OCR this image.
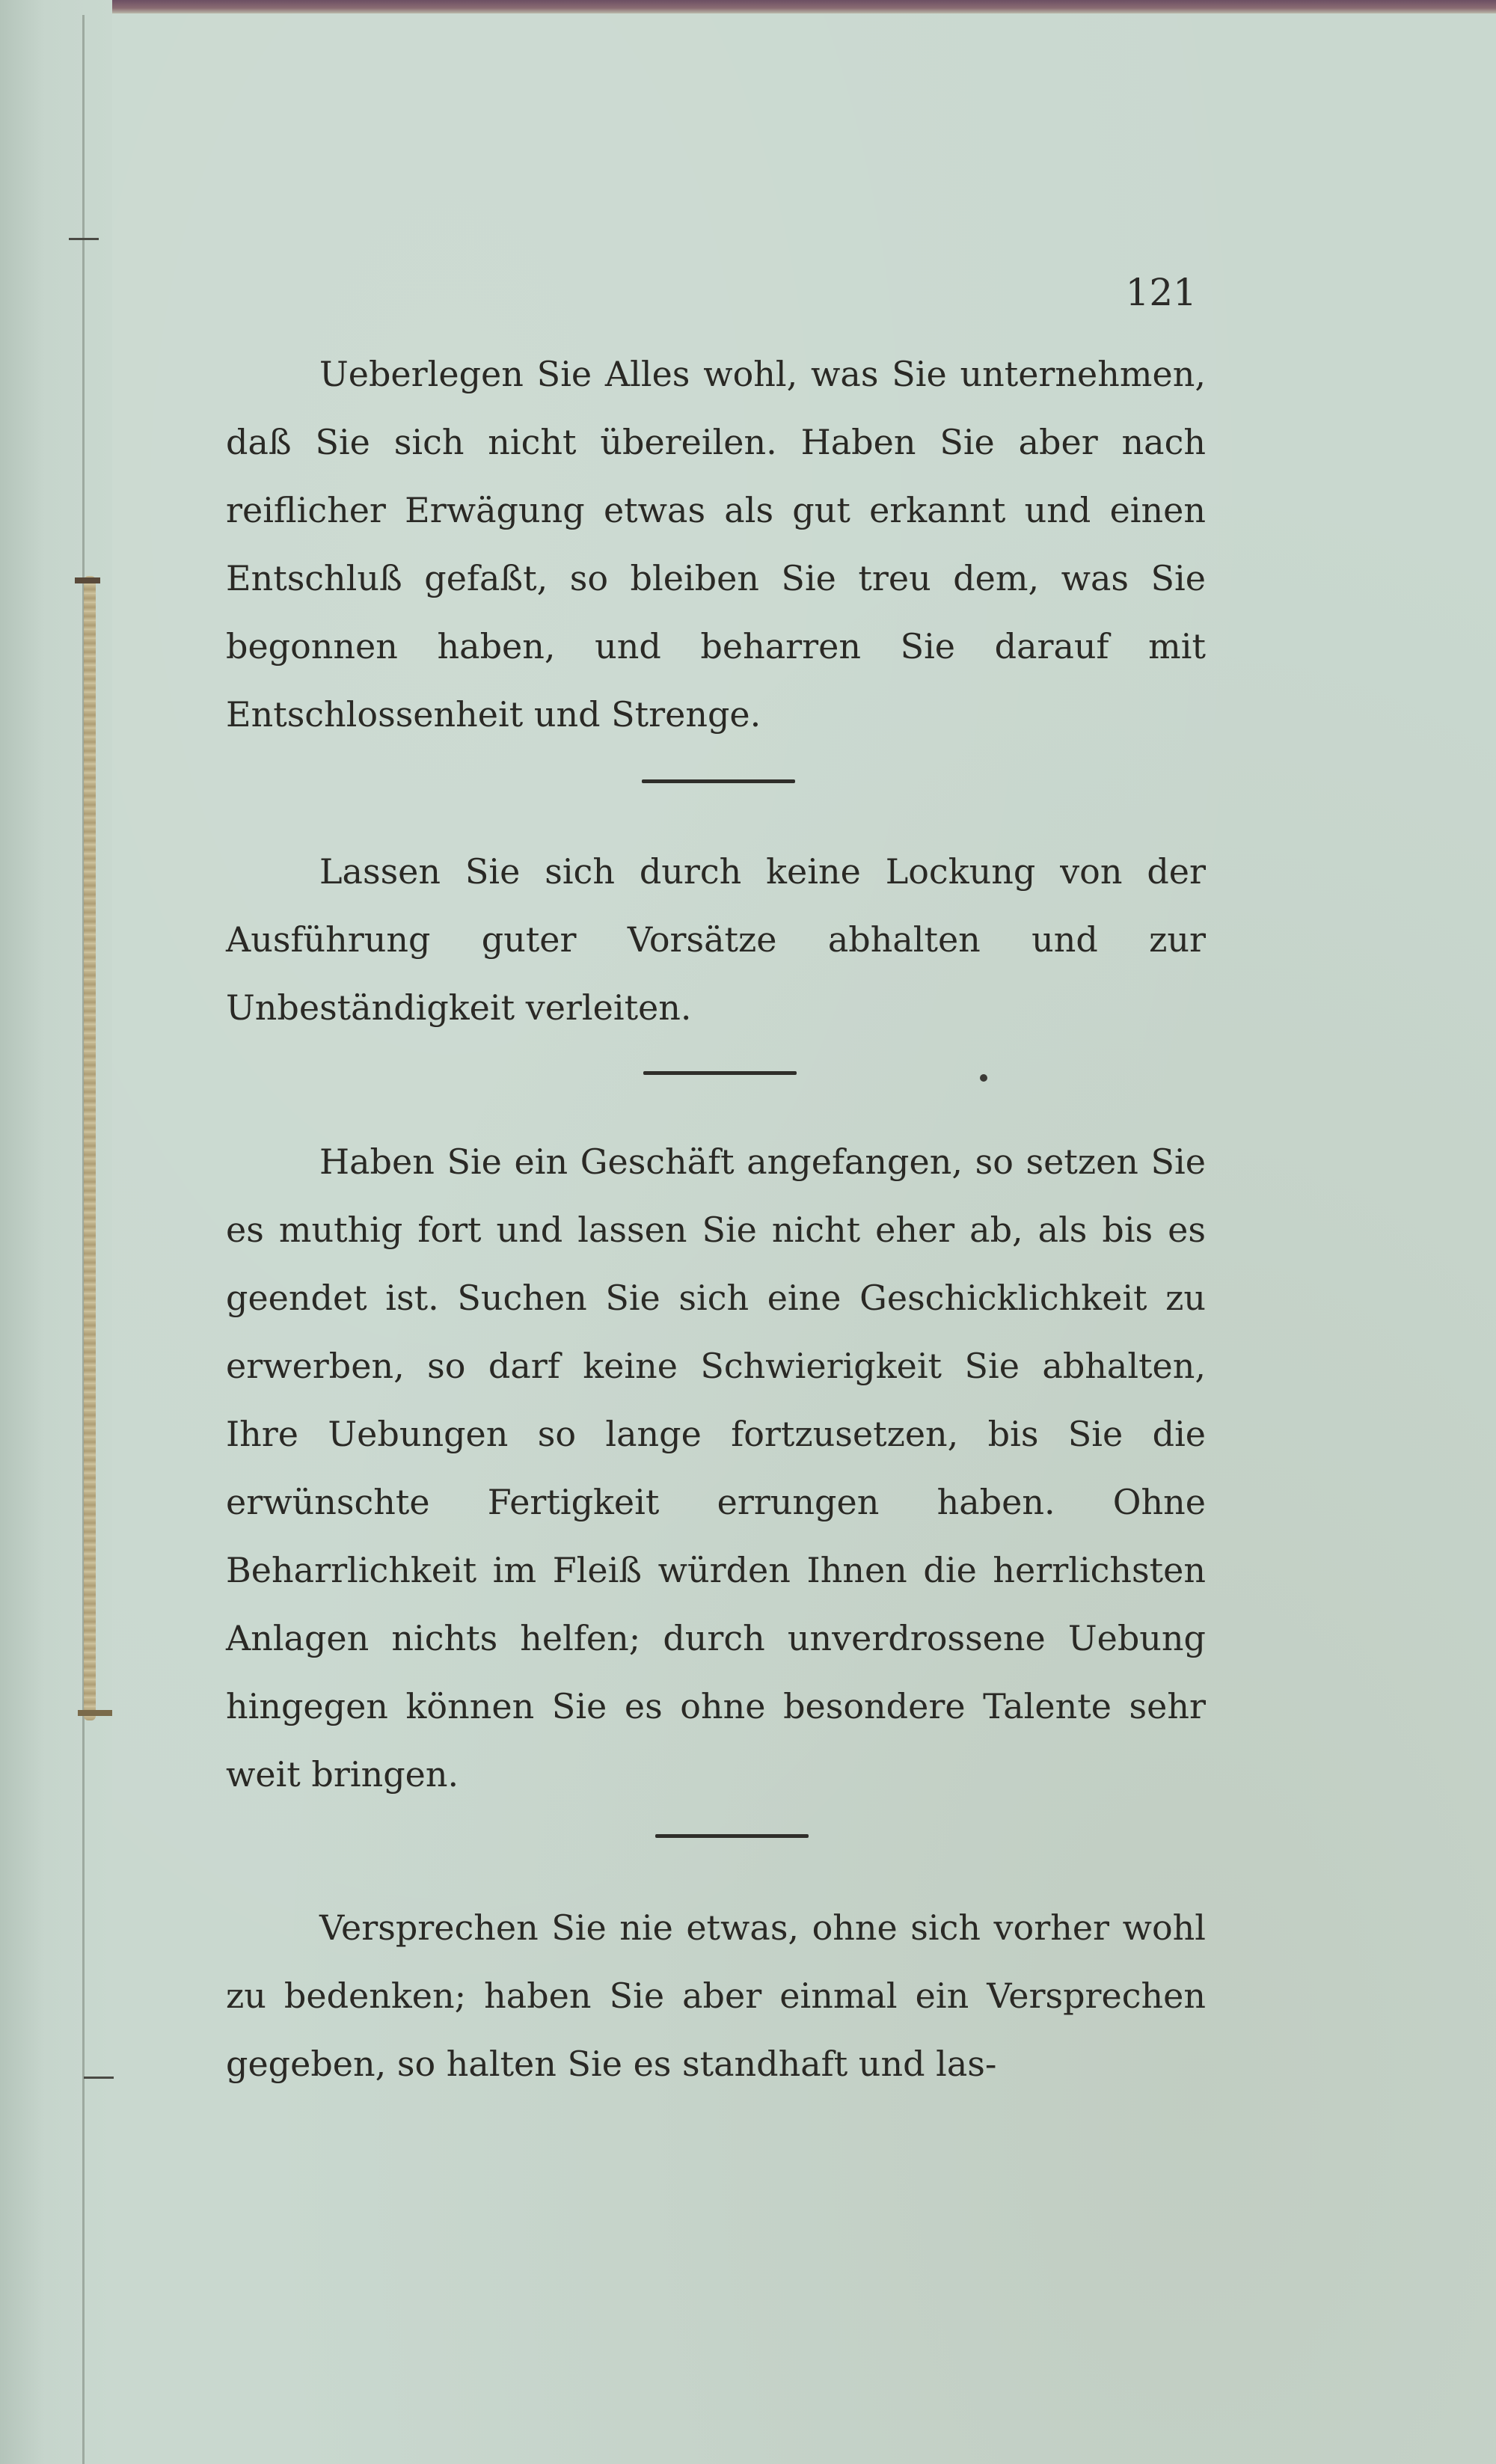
121

Ueberlegen Sie Alles wohl, was Sie unternehmen, daß Sie sich nicht übereilen. Haben Sie aber nach reiflicher Erwägung etwas als gut erkannt und einen Entschluß gefaßt, so bleiben Sie treu dem, was Sie begonnen haben, und beharren Sie darauf mit Entschlossenheit und Strenge.

Lassen Sie sich durch keine Lockung von der Ausführung guter Vorsätze abhalten und zur Unbeständigkeit verleiten.

Haben Sie ein Geschäft angefangen, so setzen Sie es muthig fort und lassen Sie nicht eher ab, als bis es geendet ist. Suchen Sie sich eine Geschicklichkeit zu erwerben, so darf keine Schwierigkeit Sie abhalten, Ihre Uebungen so lange fortzusetzen, bis Sie die erwünschte Fertigkeit errungen haben. Ohne Beharrlichkeit im Fleiß würden Ihnen die herrlichsten Anlagen nichts helfen; durch unverdrossene Uebung hingegen können Sie es ohne besondere Talente sehr weit bringen.

Versprechen Sie nie etwas, ohne sich vorher wohl zu bedenken; haben Sie aber einmal ein Versprechen gegeben, so halten Sie es standhaft und las-
